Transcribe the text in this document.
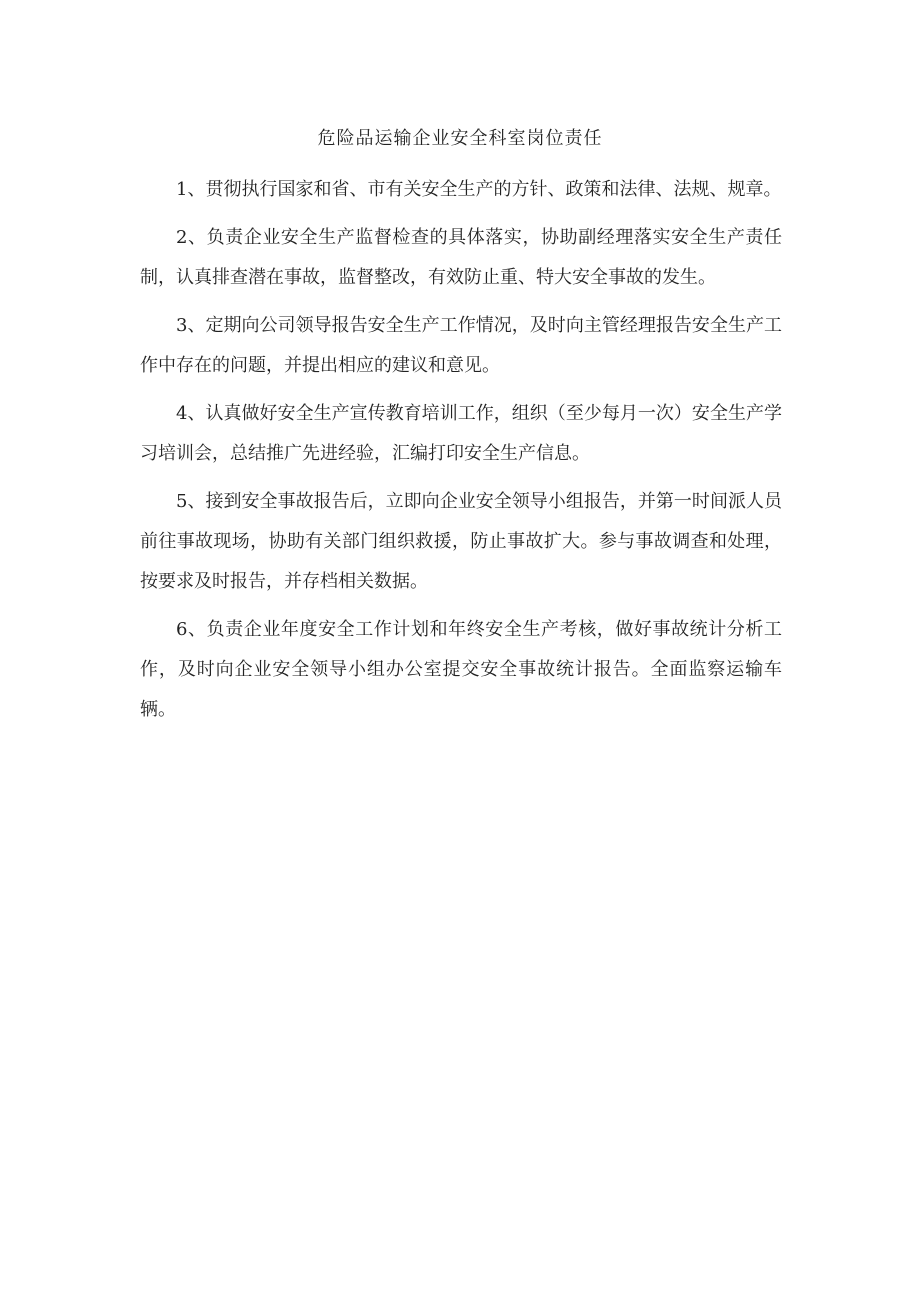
危险品运输企业安全科室岗位责任

1、贯彻执行国家和省、市有关安全生产的方针、政策和法律、法规、规章。

2、负责企业安全生产监督检查的具体落实，协助副经理落实安全生产责任制，认真排查潜在事故，监督整改，有效防止重、特大安全事故的发生。

3、定期向公司领导报告安全生产工作情况，及时向主管经理报告安全生产工作中存在的问题，并提出相应的建议和意见。

4、认真做好安全生产宣传教育培训工作，组织（至少每月一次）安全生产学习培训会，总结推广先进经验，汇编打印安全生产信息。

5、接到安全事故报告后，立即向企业安全领导小组报告，并第一时间派人员前往事故现场，协助有关部门组织救援，防止事故扩大。参与事故调查和处理，按要求及时报告，并存档相关数据。

6、负责企业年度安全工作计划和年终安全生产考核，做好事故统计分析工作，及时向企业安全领导小组办公室提交安全事故统计报告。全面监察运输车辆。
